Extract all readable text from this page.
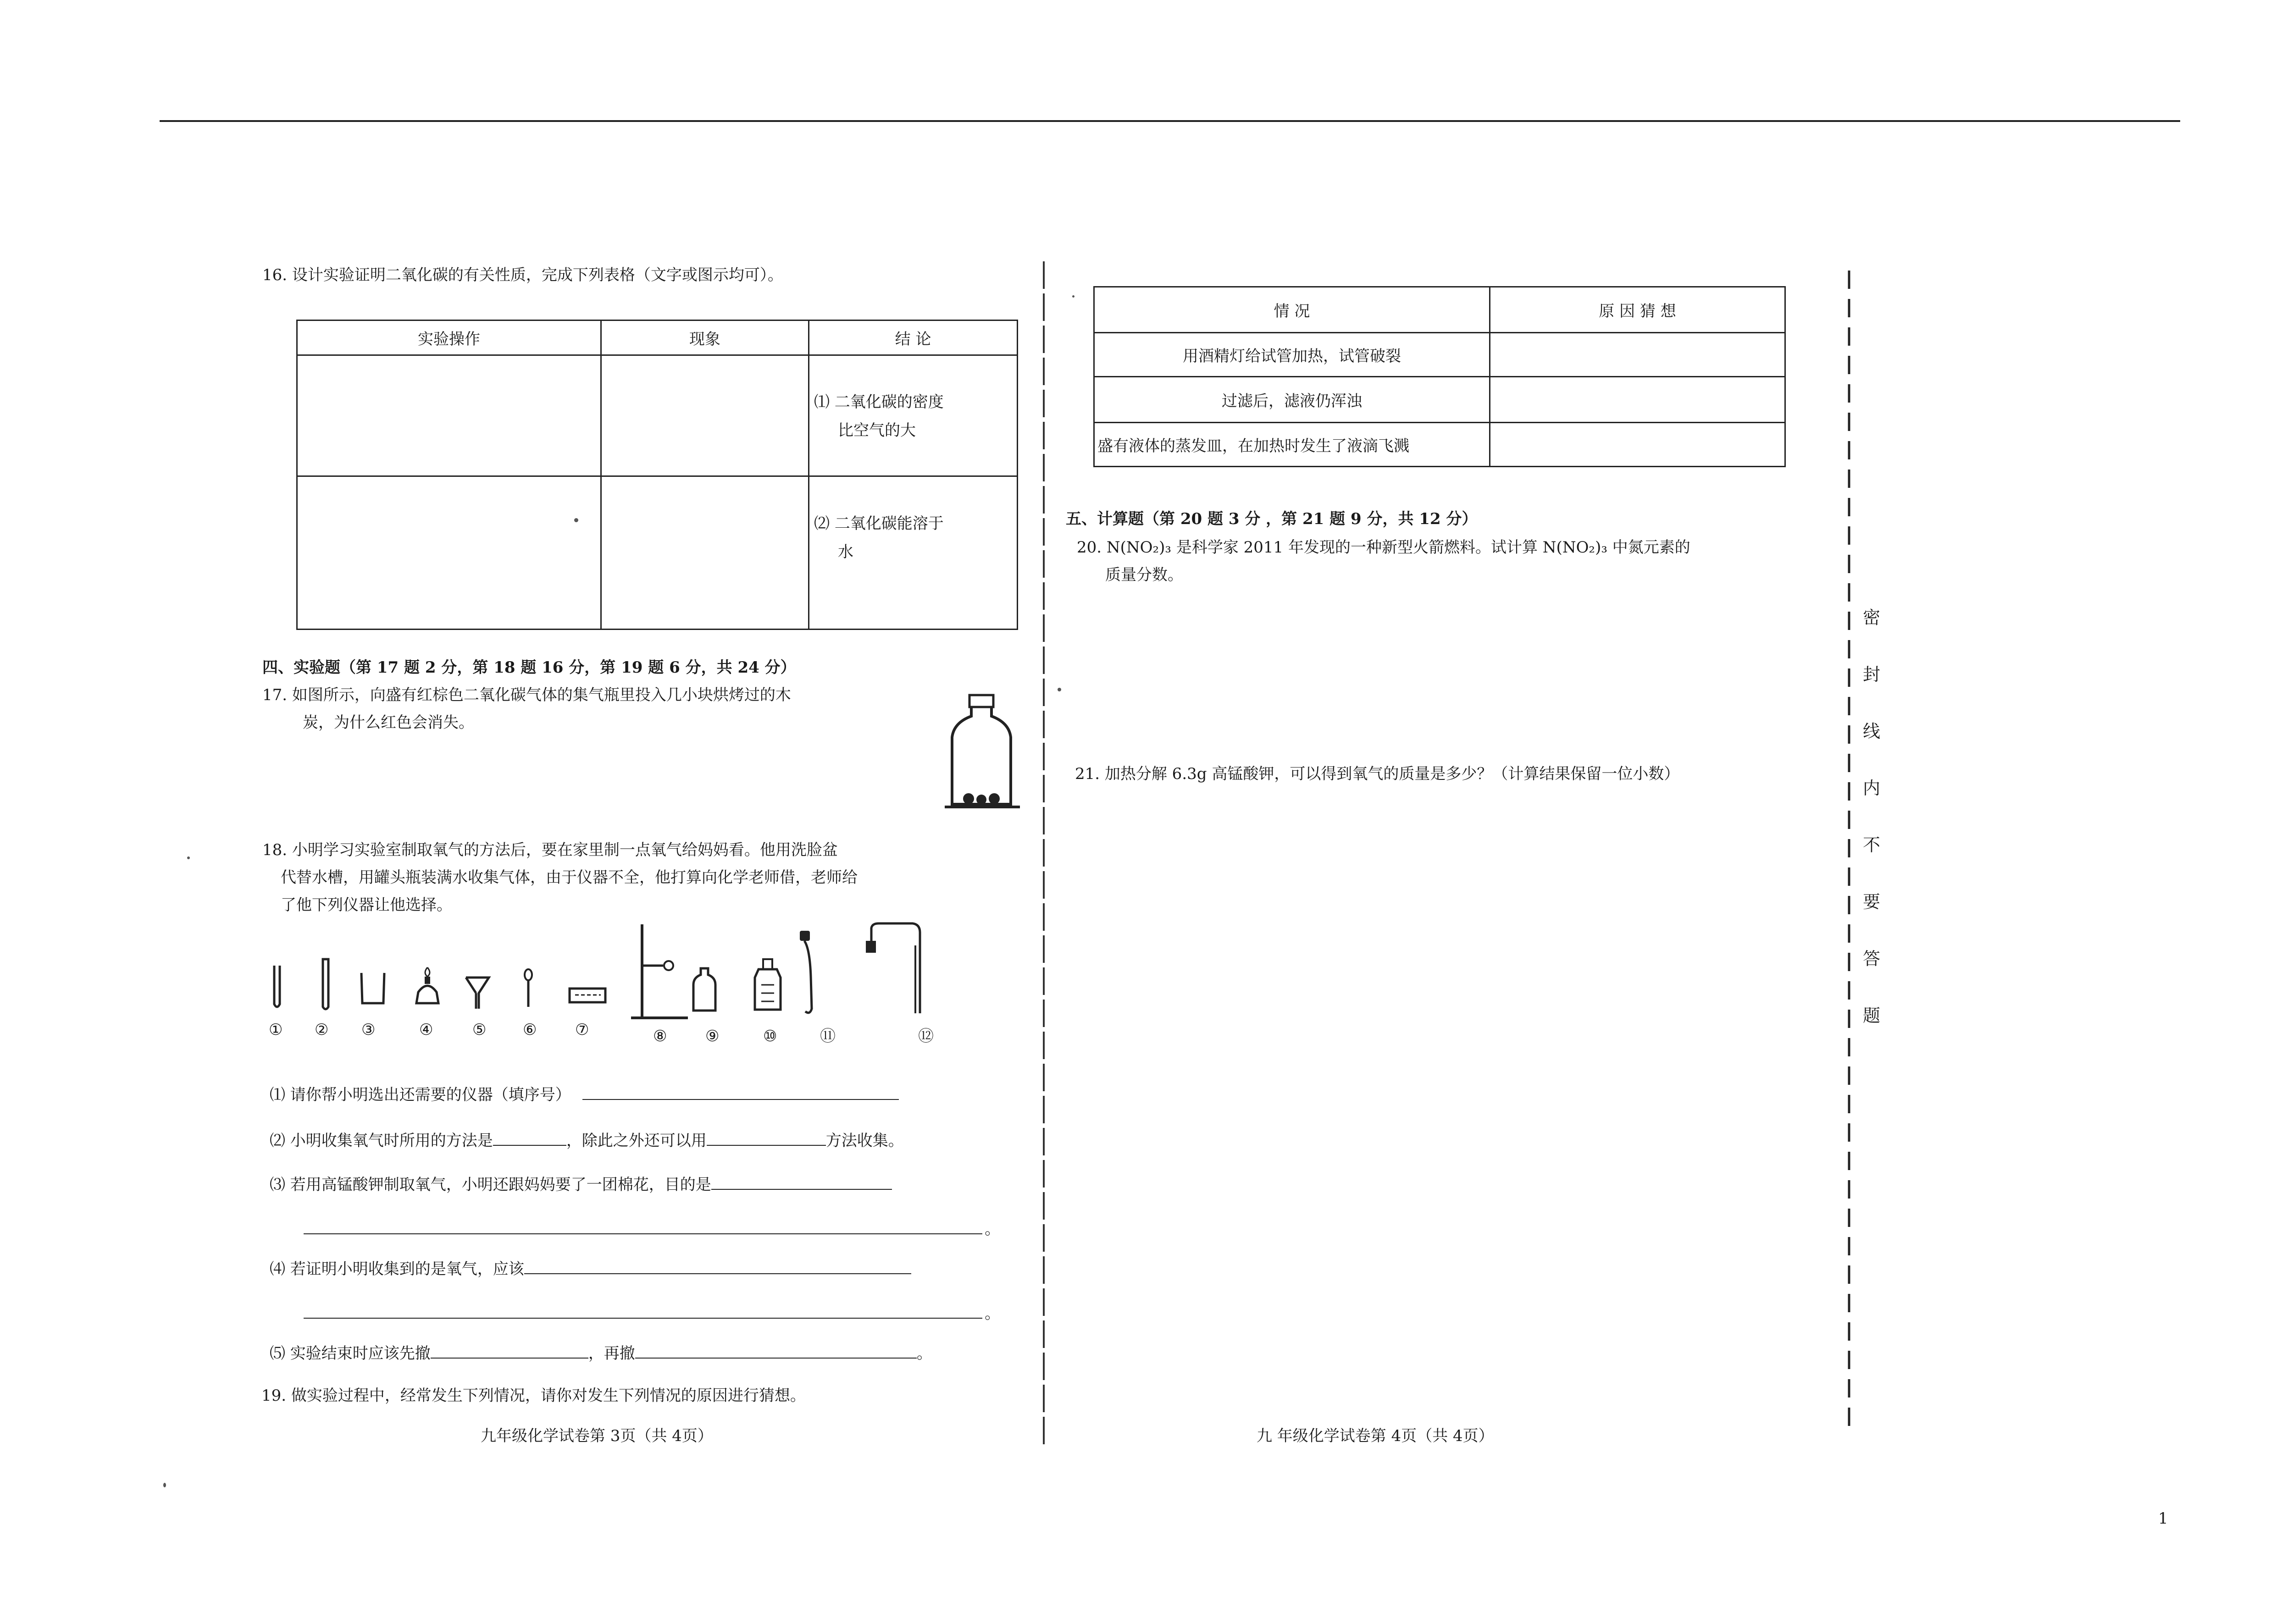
16. 设计实验证明二氧化碳的有关性质，完成下列表格（文字或图示均可）。
实验操作	现象	结 论

		⑴ 二氧化碳的密度
比空气的大

		⑵ 二氧化碳能溶于
水
四、实验题（第 17 题 2 分，第 18 题 16 分，第 19 题 6 分，共 24 分）
17. 如图所示，向盛有红棕色二氧化碳气体的集气瓶里投入几小块烘烤过的木
炭，为什么红色会消失。
18. 小明学习实验室制取氧气的方法后，要在家里制一点氧气给妈妈看。他用洗脸盆
代替水槽，用罐头瓶装满水收集气体，由于仪器不全，他打算向化学老师借，老师给
了他下列仪器让他选择。
① ② ③	④	⑤ ⑥ ⑦	⑧ ⑨	⑩	⑪	⑫
⑴ 请你帮小明选出还需要的仪器（填序号）
⑵ 小明收集氧气时所用的方法是	，除此之外还可以用	方法收集。
⑶ 若用高锰酸钾制取氧气，小明还跟妈妈要了一团棉花，目的是
。
⑷ 若证明小明收集到的是氧气，应该
。
⑸ 实验结束时应该先撤	，再撤	。
19. 做实验过程中，经常发生下列情况，请你对发生下列情况的原因进行猜想。
九年级化学试卷第 3页（共 4页）
情 况	原 因 猜 想
用酒精灯给试管加热，试管破裂	
过滤后，滤液仍浑浊	
盛有液体的蒸发皿，在加热时发生了液滴飞溅	
五、计算题（第 20 题 3 分 ，第 21 题 9 分，共 12 分）
20. N(NO₂)₃ 是科学家 2011 年发现的一种新型火箭燃料。试计算 N(NO₂)₃ 中氮元素的
质量分数。
21. 加热分解 6.3g 高锰酸钾，可以得到氧气的质量是多少？（计算结果保留一位小数）
九 年级化学试卷第 4页（共 4页）
密
封
线
内
不
要
答
题
1
